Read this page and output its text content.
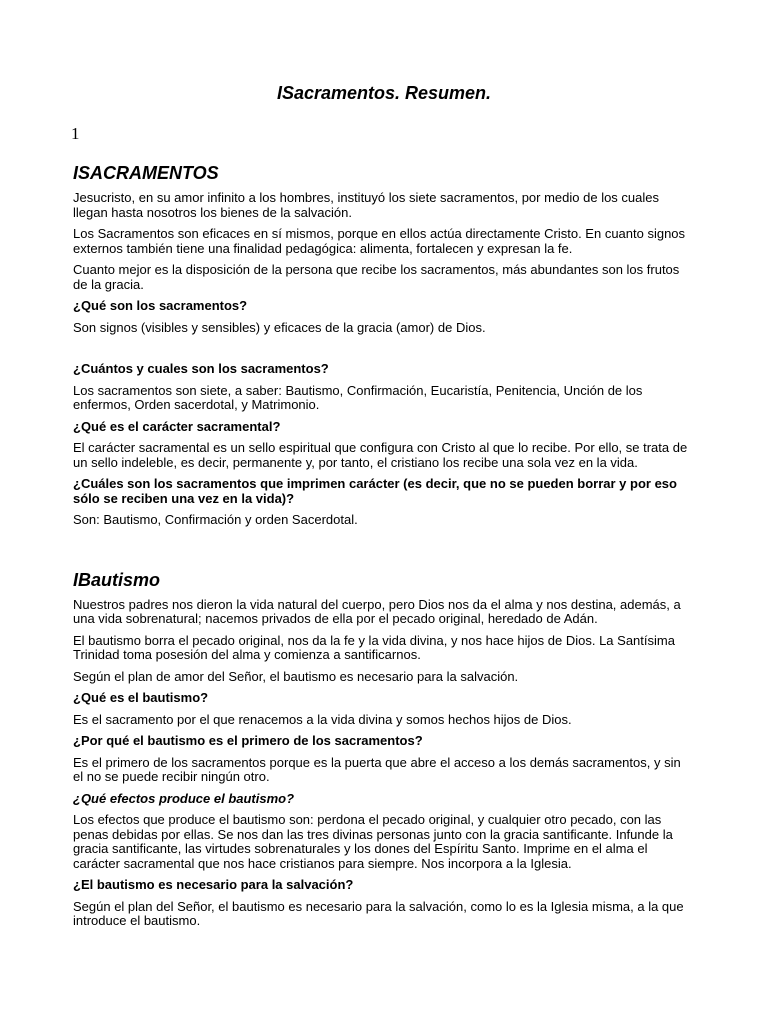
ISacramentos. Resumen.
1
ISACRAMENTOS

Jesucristo, en su amor infinito a los hombres, instituyó los siete sacramentos, por medio de los cuales llegan hasta nosotros los bienes de la salvación.

Los Sacramentos son eficaces en sí mismos, porque en ellos actúa directamente Cristo. En cuanto signos externos también tiene una finalidad pedagógica: alimenta, fortalecen y expresan la fe.

Cuanto mejor es la disposición de la persona que recibe los sacramentos, más abundantes son los frutos de la gracia.

¿Qué son los sacramentos?

Son signos (visibles y sensibles) y eficaces de la gracia (amor) de Dios.

¿Cuántos y cuales son los sacramentos?

Los sacramentos son siete, a saber: Bautismo, Confirmación, Eucaristía, Penitencia, Unción de los enfermos, Orden sacerdotal, y Matrimonio.

¿Qué es el carácter sacramental?

El carácter sacramental es un sello espiritual que configura con Cristo al que lo recibe. Por ello, se trata de un sello indeleble, es decir, permanente y, por tanto, el cristiano los recibe una sola vez en la vida.

¿Cuáles son los sacramentos que imprimen carácter (es decir, que no se pueden borrar y por eso sólo se reciben una vez en la vida)?

Son: Bautismo, Confirmación y orden Sacerdotal.

IBautismo

Nuestros padres nos dieron la vida natural del cuerpo, pero Dios nos da el alma y nos destina, además, a una vida sobrenatural; nacemos privados de ella por el pecado original, heredado de Adán.

El bautismo borra el pecado original, nos da la fe y la vida divina, y nos hace hijos de Dios. La Santísima Trinidad toma posesión del alma y comienza a santificarnos.

Según el plan de amor del Señor, el bautismo es necesario para la salvación.

¿Qué es el bautismo?

Es el sacramento por el que renacemos a la vida divina y somos hechos hijos de Dios.

¿Por qué el bautismo es el primero de los sacramentos?

Es el primero de los sacramentos porque es la puerta que abre el acceso a los demás sacramentos, y sin el no se puede recibir ningún otro.

¿Qué efectos produce el bautismo?

Los efectos que produce el bautismo son: perdona el pecado original, y cualquier otro pecado, con las penas debidas por ellas. Se nos dan las tres divinas personas junto con la gracia santificante. Infunde la gracia santificante, las virtudes sobrenaturales y los dones del Espíritu Santo. Imprime en el alma el carácter sacramental que nos hace cristianos para siempre. Nos incorpora a la Iglesia.

¿El bautismo es necesario para la salvación?

Según el plan del Señor, el bautismo es necesario para la salvación, como lo es la Iglesia misma, a la que introduce el bautismo.
